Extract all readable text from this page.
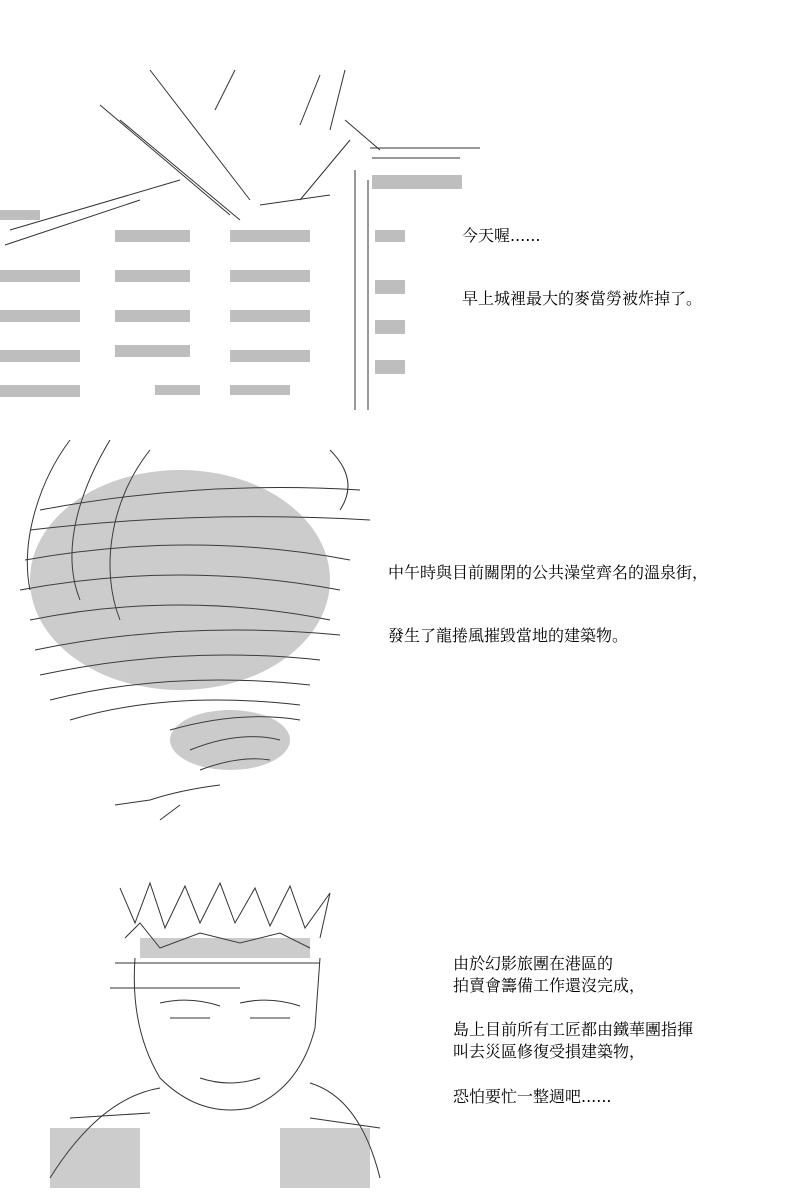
今天喔......
早上城裡最大的麥當勞被炸掉了。
中午時與目前關閉的公共澡堂齊名的溫泉街，
發生了龍捲風摧毀當地的建築物。
由於幻影旅團在港區的
拍賣會籌備工作還沒完成，
島上目前所有工匠都由鐵華團指揮
叫去災區修復受損建築物，
恐怕要忙一整週吧......
